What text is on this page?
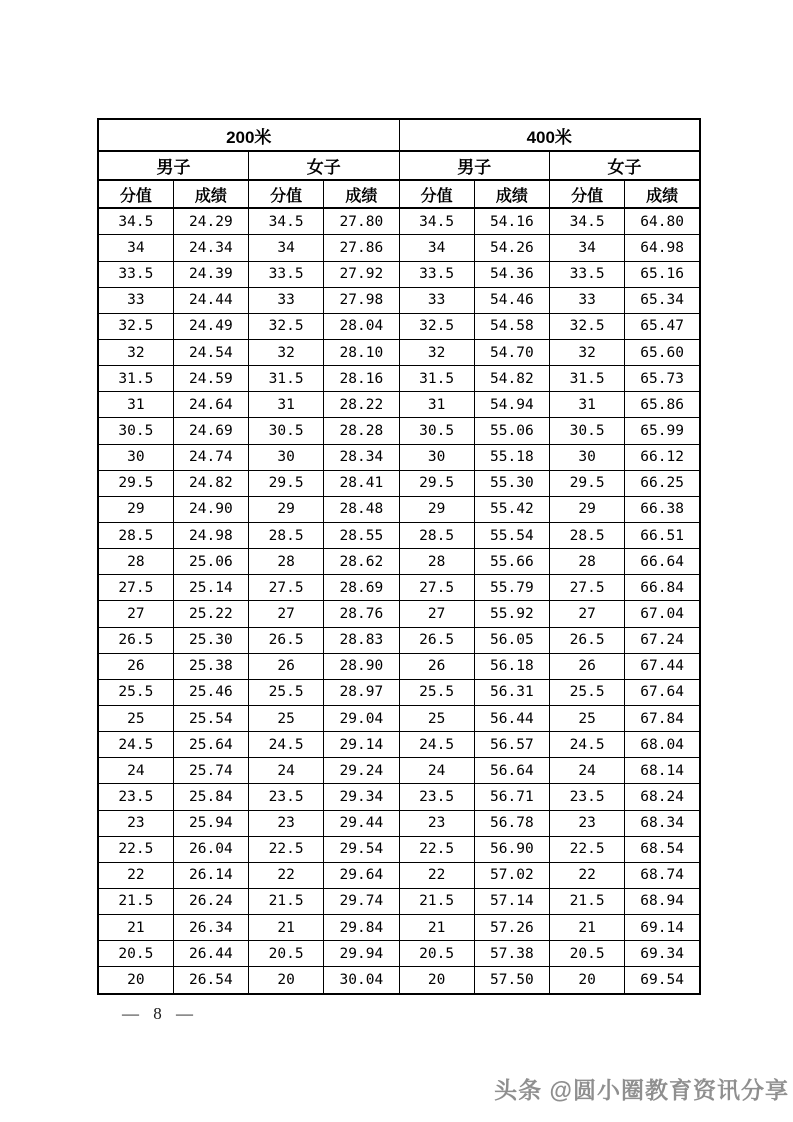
200米				400米			
男子		女子		男子		女子	
分值	成绩	分值	成绩	分值	成绩	分值	成绩
34.5	24.29	34.5	27.80	34.5	54.16	34.5	64.80
34	24.34	34	27.86	34	54.26	34	64.98
33.5	24.39	33.5	27.92	33.5	54.36	33.5	65.16
33	24.44	33	27.98	33	54.46	33	65.34
32.5	24.49	32.5	28.04	32.5	54.58	32.5	65.47
32	24.54	32	28.10	32	54.70	32	65.60
31.5	24.59	31.5	28.16	31.5	54.82	31.5	65.73
31	24.64	31	28.22	31	54.94	31	65.86
30.5	24.69	30.5	28.28	30.5	55.06	30.5	65.99
30	24.74	30	28.34	30	55.18	30	66.12
29.5	24.82	29.5	28.41	29.5	55.30	29.5	66.25
29	24.90	29	28.48	29	55.42	29	66.38
28.5	24.98	28.5	28.55	28.5	55.54	28.5	66.51
28	25.06	28	28.62	28	55.66	28	66.64
27.5	25.14	27.5	28.69	27.5	55.79	27.5	66.84
27	25.22	27	28.76	27	55.92	27	67.04
26.5	25.30	26.5	28.83	26.5	56.05	26.5	67.24
26	25.38	26	28.90	26	56.18	26	67.44
25.5	25.46	25.5	28.97	25.5	56.31	25.5	67.64
25	25.54	25	29.04	25	56.44	25	67.84
24.5	25.64	24.5	29.14	24.5	56.57	24.5	68.04
24	25.74	24	29.24	24	56.64	24	68.14
23.5	25.84	23.5	29.34	23.5	56.71	23.5	68.24
23	25.94	23	29.44	23	56.78	23	68.34
22.5	26.04	22.5	29.54	22.5	56.90	22.5	68.54
22	26.14	22	29.64	22	57.02	22	68.74
21.5	26.24	21.5	29.74	21.5	57.14	21.5	68.94
21	26.34	21	29.84	21	57.26	21	69.14
20.5	26.44	20.5	29.94	20.5	57.38	20.5	69.34
20	26.54	20	30.04	20	57.50	20	69.54
— 8 —
头条 @圆小圈教育资讯分享
